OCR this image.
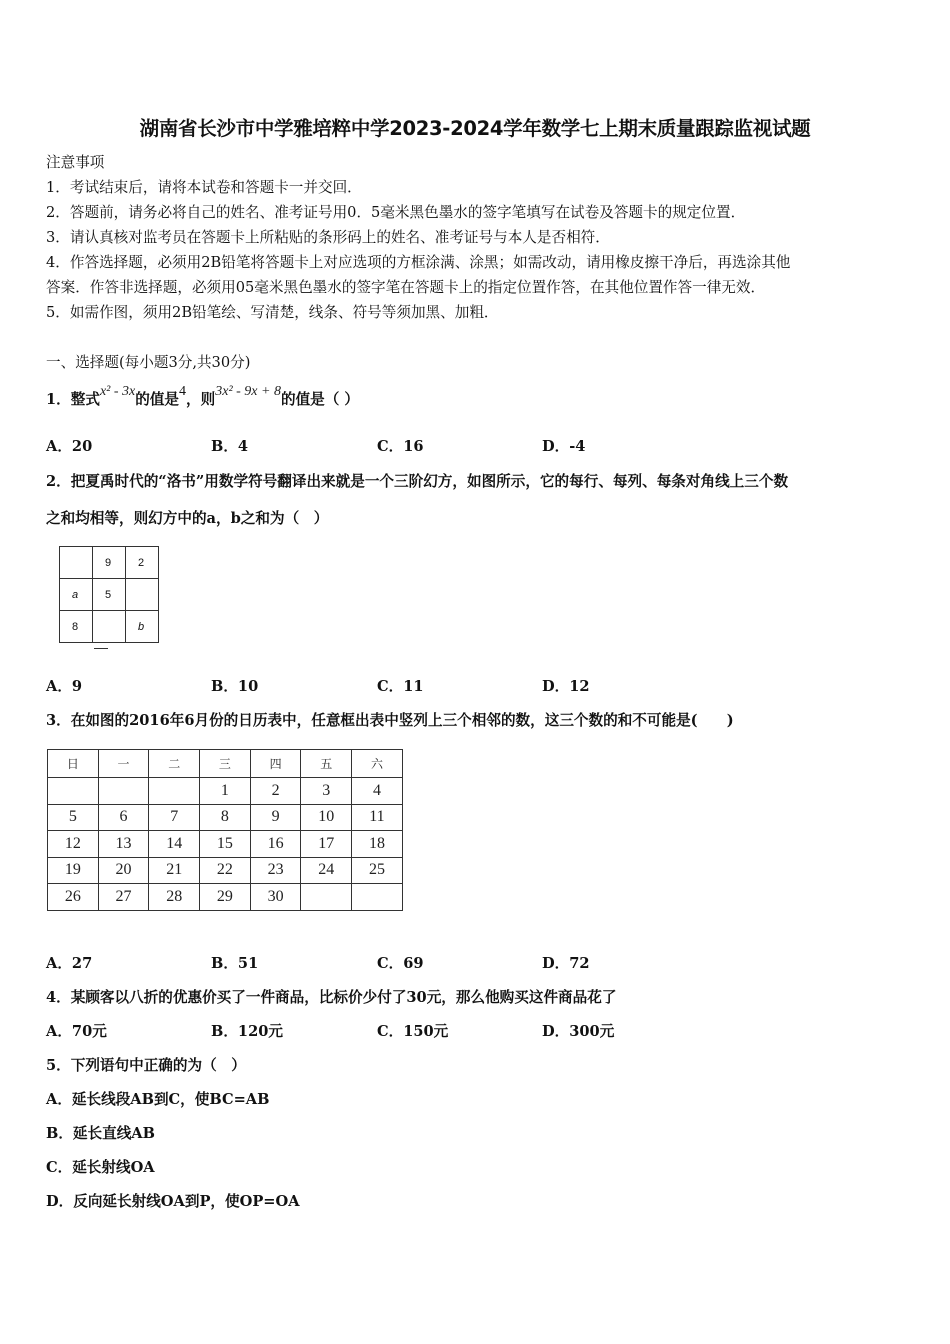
湖南省长沙市中学雅培粹中学2023-2024学年数学七上期末质量跟踪监视试题
注意事项
1．考试结束后，请将本试卷和答题卡一并交回．
2．答题前，请务必将自己的姓名、准考证号用0．5毫米黑色墨水的签字笔填写在试卷及答题卡的规定位置．
3．请认真核对监考员在答题卡上所粘贴的条形码上的姓名、准考证号与本人是否相符．
4．作答选择题，必须用2B铅笔将答题卡上对应选项的方框涂满、涂黑；如需改动，请用橡皮擦干净后，再选涂其他
答案．作答非选择题，必须用05毫米黑色墨水的签字笔在答题卡上的指定位置作答，在其他位置作答一律无效．
5．如需作图，须用2B铅笔绘、写清楚，线条、符号等须加黑、加粗．
一、选择题(每小题3分,共30分)
1．整式x² - 3x的值是4，则3x² - 9x + 8的值是（ ）
A．20	B．4	C．16	D．-4
2．把夏禹时代的“洛书”用数学符号翻译出来就是一个三阶幻方，如图所示，它的每行、每列、每条对角线上三个数
之和均相等，则幻方中的a，b之和为（　）
	9	2
a	5	
8		b
A．9	B．10	C．11	D．12
3．在如图的2016年6月份的日历表中，任意框出表中竖列上三个相邻的数，这三个数的和不可能是(　　)
日	一	二	三	四	五	六
			1	2	3	4
5	6	7	8	9	10	11
12	13	14	15	16	17	18
19	20	21	22	23	24	25
26	27	28	29	30		
A．27	B．51	C．69	D．72
4．某顾客以八折的优惠价买了一件商品，比标价少付了30元，那么他购买这件商品花了
A．70元	B．120元	C．150元	D．300元
5．下列语句中正确的为（　）
A．延长线段AB到C，使BC=AB
B．延长直线AB
C．延长射线OA
D．反向延长射线OA到P，使OP=OA
